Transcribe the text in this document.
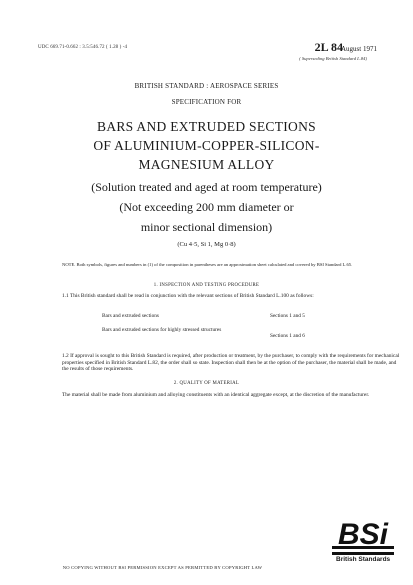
UDC 669.71-0.662 : 3.5:546.72 ( 1.28 ) -4	2L 84
August 1971
( Superseding British Standard L.84)
BRITISH STANDARD : AEROSPACE SERIES
SPECIFICATION FOR
BARS AND EXTRUDED SECTIONS
OF ALUMINIUM-COPPER-SILICON-
MAGNESIUM ALLOY
(Solution treated and aged at room temperature)
(Not exceeding 200 mm diameter or
minor sectional dimension)
(Cu 4·5, Si 1, Mg 0·8)
NOTE. Both symbols, figures and numbers in (1) of the composition in parentheses are an approximation sheet calculated and covered by BSI Standard L.65.
1. INSPECTION AND TESTING PROCEDURE
1.1 This British standard shall be read in conjunction with the relevant sections of British Standard L.100 as follows:
Bars and extruded sections	Sections 1 and 5
Bars and extruded sections for highly stressed structures
Sections 1 and 6
1.2 If approval is sought to this British Standard is required, after production or treatment, by the purchaser, to comply with the requirements for mechanical properties specified in British Standard L.82, the order shall so state. Inspection shall then be at the option of the purchaser, the material shall be made, and the results of those requirements.
2. QUALITY OF MATERIAL
The material shall be made from aluminium and alloying constituents with an identical aggregate except, at the discretion of the manufacturer.
BSi
British Standards
NO COPYING WITHOUT BSI PERMISSION EXCEPT AS PERMITTED BY COPYRIGHT LAW
